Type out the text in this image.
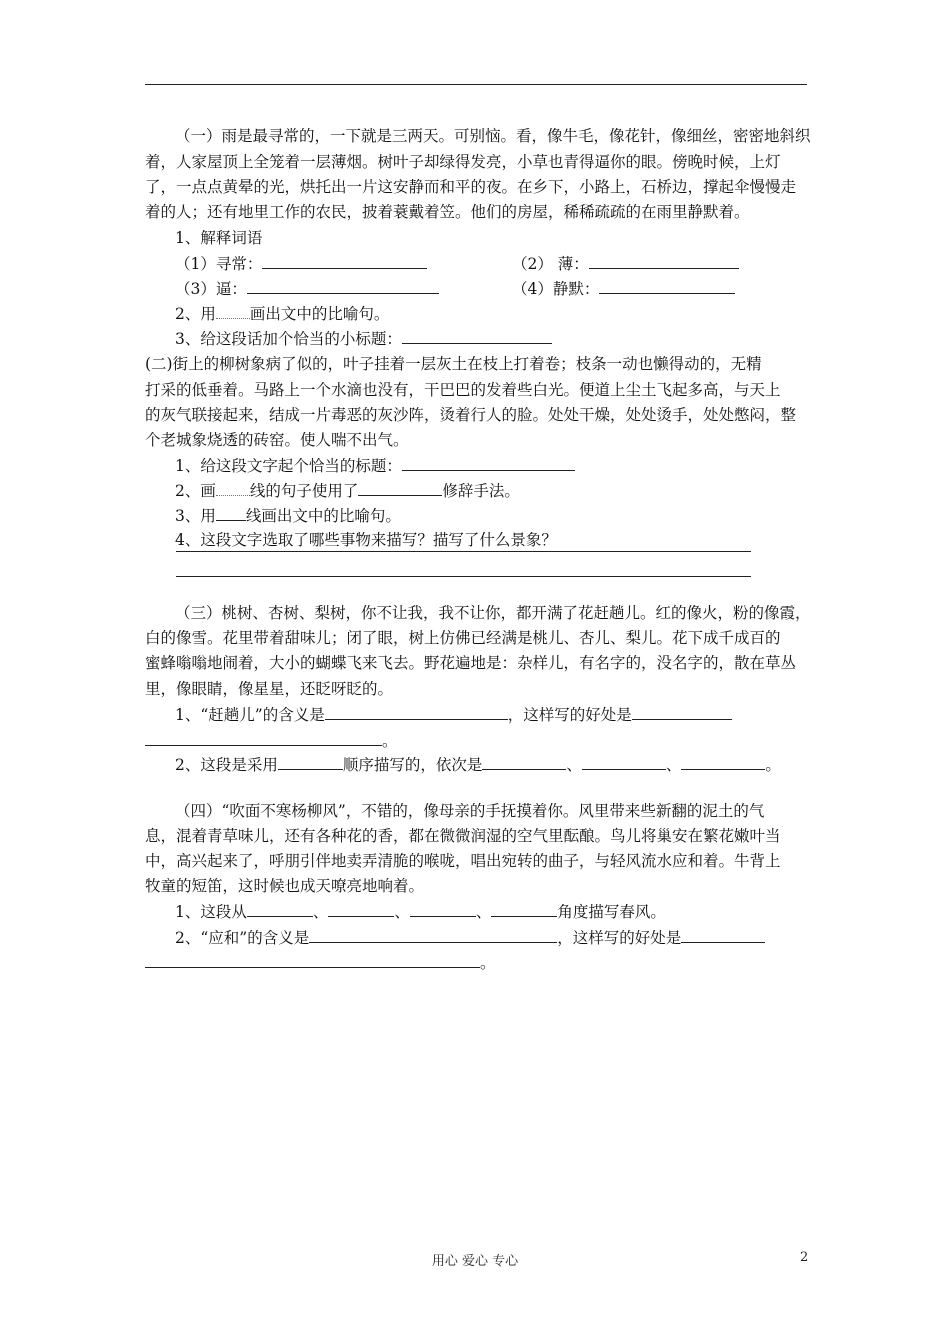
（一）雨是最寻常的，一下就是三两天。可别恼。看，像牛毛，像花针，像细丝，密密地斜织
着，人家屋顶上全笼着一层薄烟。树叶子却绿得发亮，小草也青得逼你的眼。傍晚时候，上灯
了，一点点黄晕的光，烘托出一片这安静而和平的夜。在乡下，小路上，石桥边，撑起伞慢慢走
着的人；还有地里工作的农民，披着蓑戴着笠。他们的房屋，稀稀疏疏的在雨里静默着。
1、解释词语
（1）寻常：	（2） 薄：
（3）逼：	（4）静默：
2、用 画出文中的比喻句。
3、给这段话加个恰当的小标题：
(二)街上的柳树象病了似的，叶子挂着一层灰土在枝上打着卷；枝条一动也懒得动的，无精
打采的低垂着。马路上一个水滴也没有，干巴巴的发着些白光。便道上尘土飞起多高，与天上
的灰气联接起来，结成一片毒恶的灰沙阵，烫着行人的脸。处处干燥，处处烫手，处处憋闷，整
个老城象烧透的砖窑。使人喘不出气。
1、给这段文字起个恰当的标题：
2、画 线的句子使用了	修辞手法。
3、用 线画出文中的比喻句。
4、这段文字选取了哪些事物来描写？描写了什么景象？
（三）桃树、杏树、梨树，你不让我，我不让你，都开满了花赶趟儿。红的像火，粉的像霞，
白的像雪。花里带着甜味儿；闭了眼，树上仿佛已经满是桃儿、杏儿、梨儿。花下成千成百的
蜜蜂嗡嗡地闹着，大小的蝴蝶飞来飞去。野花遍地是：杂样儿，有名字的，没名字的，散在草丛
里，像眼睛，像星星，还眨呀眨的。
1、“赶趟儿”的含义是	，这样写的好处是
。
2、这段是采用	顺序描写的，依次是	、	、	。
（四）“吹面不寒杨柳风”，不错的，像母亲的手抚摸着你。风里带来些新翻的泥土的气
息，混着青草味儿，还有各种花的香，都在微微润湿的空气里酝酿。鸟儿将巢安在繁花嫩叶当
中，高兴起来了，呼朋引伴地卖弄清脆的喉咙，唱出宛转的曲子，与轻风流水应和着。牛背上
牧童的短笛，这时候也成天嘹亮地响着。
1、这段从	、	、	、	角度描写春风。
2、“应和”的含义是	，这样写的好处是
。
用心 爱心 专心	2
